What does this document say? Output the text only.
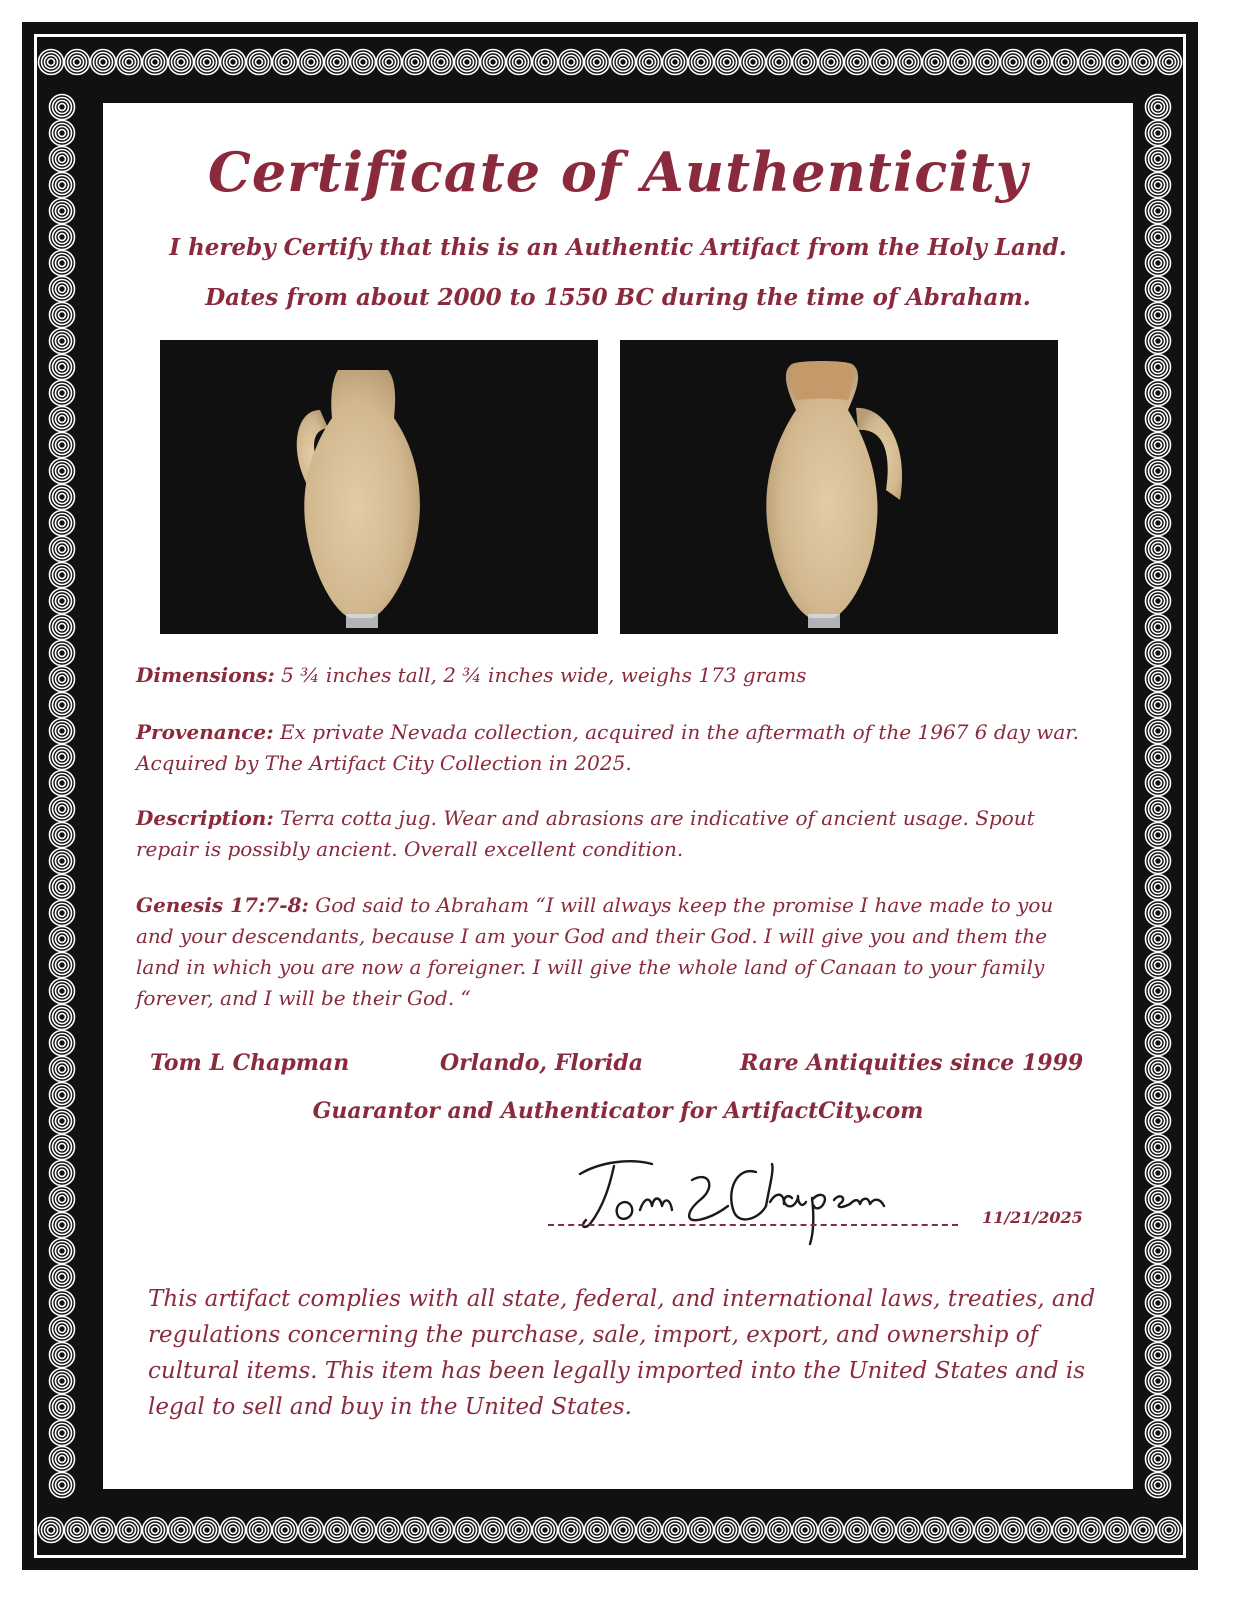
Certificate of Authenticity
I hereby Certify that this is an Authentic Artifact from the Holy Land.
Dates from about 2000 to 1550 BC during the time of Abraham.
Dimensions: 5 ¾ inches tall, 2 ¾ inches wide, weighs 173 grams
Provenance: Ex private Nevada collection, acquired in the aftermath of the 1967 6 day war. Acquired by The Artifact City Collection in 2025.
Description: Terra cotta jug. Wear and abrasions are indicative of ancient usage. Spout repair is possibly ancient. Overall excellent condition.
Genesis 17:7-8: God said to Abraham “I will always keep the promise I have made to you and your descendants, because I am your God and their God. I will give you and them the land in which you are now a foreigner. I will give the whole land of Canaan to your family forever, and I will be their God. “
Tom L Chapman	Orlando, Florida	Rare Antiquities since 1999
Guarantor and Authenticator for ArtifactCity.com
11/21/2025
This artifact complies with all state, federal, and international laws, treaties, and regulations concerning the purchase, sale, import, export, and ownership of cultural items. This item has been legally imported into the United States and is legal to sell and buy in the United States.
